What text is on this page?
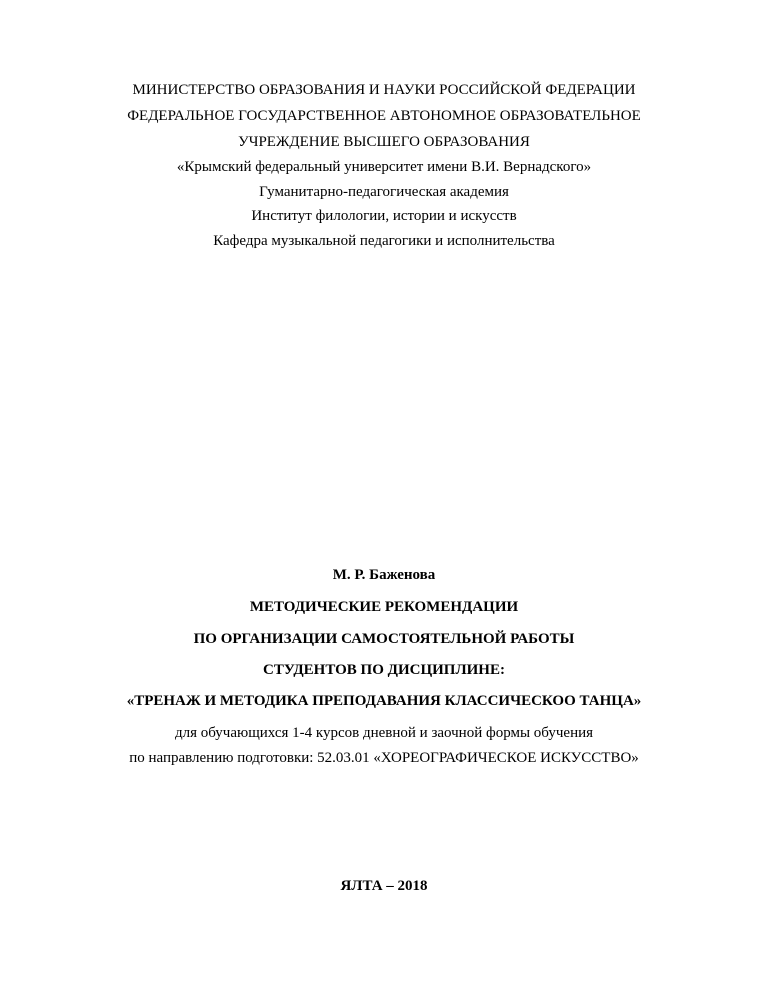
МИНИСТЕРСТВО ОБРАЗОВАНИЯ И НАУКИ РОССИЙСКОЙ ФЕДЕРАЦИИ
ФЕДЕРАЛЬНОЕ ГОСУДАРСТВЕННОЕ АВТОНОМНОЕ ОБРАЗОВАТЕЛЬНОЕ
УЧРЕЖДЕНИЕ ВЫСШЕГО ОБРАЗОВАНИЯ
«Крымский федеральный университет имени В.И. Вернадского»
Гуманитарно-педагогическая академия
Институт филологии, истории и искусств
Кафедра музыкальной педагогики и исполнительства
М. Р. Баженова
МЕТОДИЧЕСКИЕ РЕКОМЕНДАЦИИ
ПО ОРГАНИЗАЦИИ САМОСТОЯТЕЛЬНОЙ РАБОТЫ
СТУДЕНТОВ ПО ДИСЦИПЛИНЕ:
«ТРЕНАЖ И МЕТОДИКА ПРЕПОДАВАНИЯ КЛАССИЧЕСКОО ТАНЦА»
для обучающихся 1-4 курсов дневной и заочной формы обучения
по направлению подготовки: 52.03.01 «ХОРЕОГРАФИЧЕСКОЕ ИСКУССТВО»
ЯЛТА – 2018
